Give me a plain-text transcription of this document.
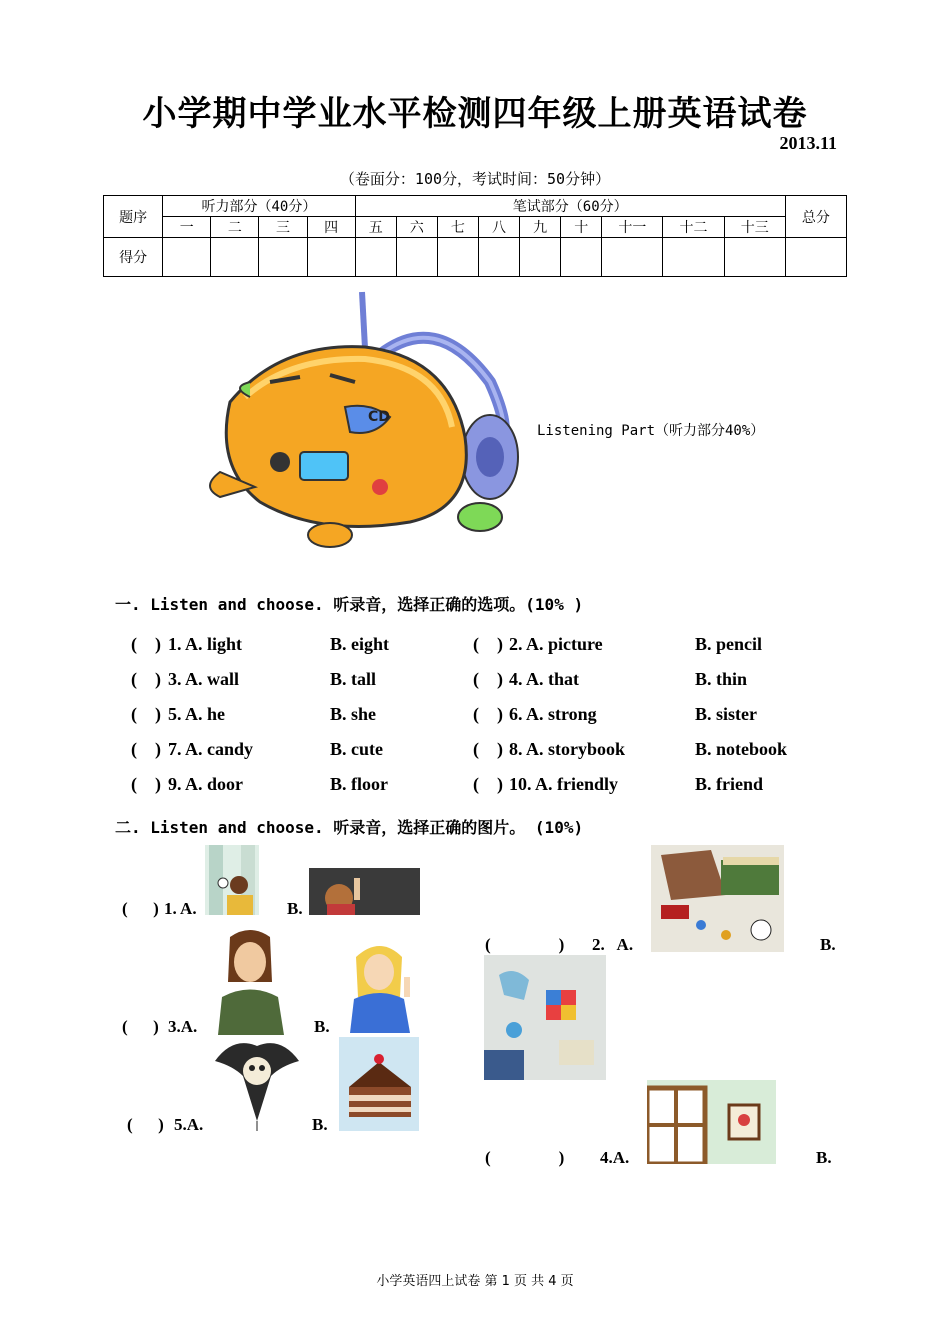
小学期中学业水平检测四年级上册英语试卷
2013.11
（卷面分：100分，考试时间：50分钟）
题序	听力部分（40分）				笔试部分（60分）									总分
	一	二	三	四	五	六	七	八	九	十	十一	十二	十三	
得分														
CD
Listening Part（听力部分40%）
一. Listen and choose. 听录音，选择正确的选项。(10% )
(    ) 1. A. light	B. eight	(    ) 2. A. picture	B. pencil
(    ) 3. A. wall	B. tall	(    ) 4. A. that	B. thin
(    ) 5. A. he	B. she	(    ) 6. A. strong	B. sister
(    ) 7. A. candy	B. cute	(    ) 8. A. storybook	B. notebook
(    ) 9. A. door	B. floor	(    ) 10. A. friendly	B. friend
二. Listen and choose. 听录音，选择正确的图片。 (10%)
(      ) 1. A.	B.
(                ) 2.   A.	B.
(      ) 3.A.	B.
(                ) 4.A.	B.
(      ) 5.A.	B.
小学英语四上试卷 第 1 页 共 4 页
